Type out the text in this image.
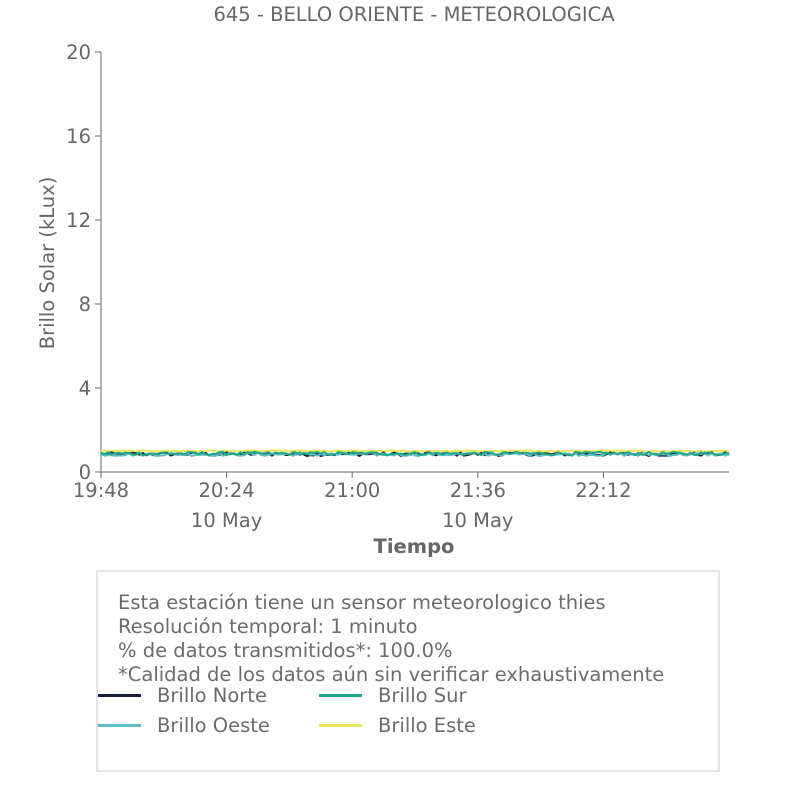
645 - BELLO ORIENTE - METEOROLOGICA
Brillo Solar (kLux)
Tiempo
0
4
8
12
16
20
19:48	20:24
10 May
21:00	21:36
10 May
22:12
Esta estación tiene un sensor meteorologico thies
Resolución temporal: 1 minuto
% de datos transmitidos*: 100.0%
*Calidad de los datos aún sin verificar exhaustivamente
Brillo Norte	Brillo Sur
Brillo Oeste	Brillo Este
